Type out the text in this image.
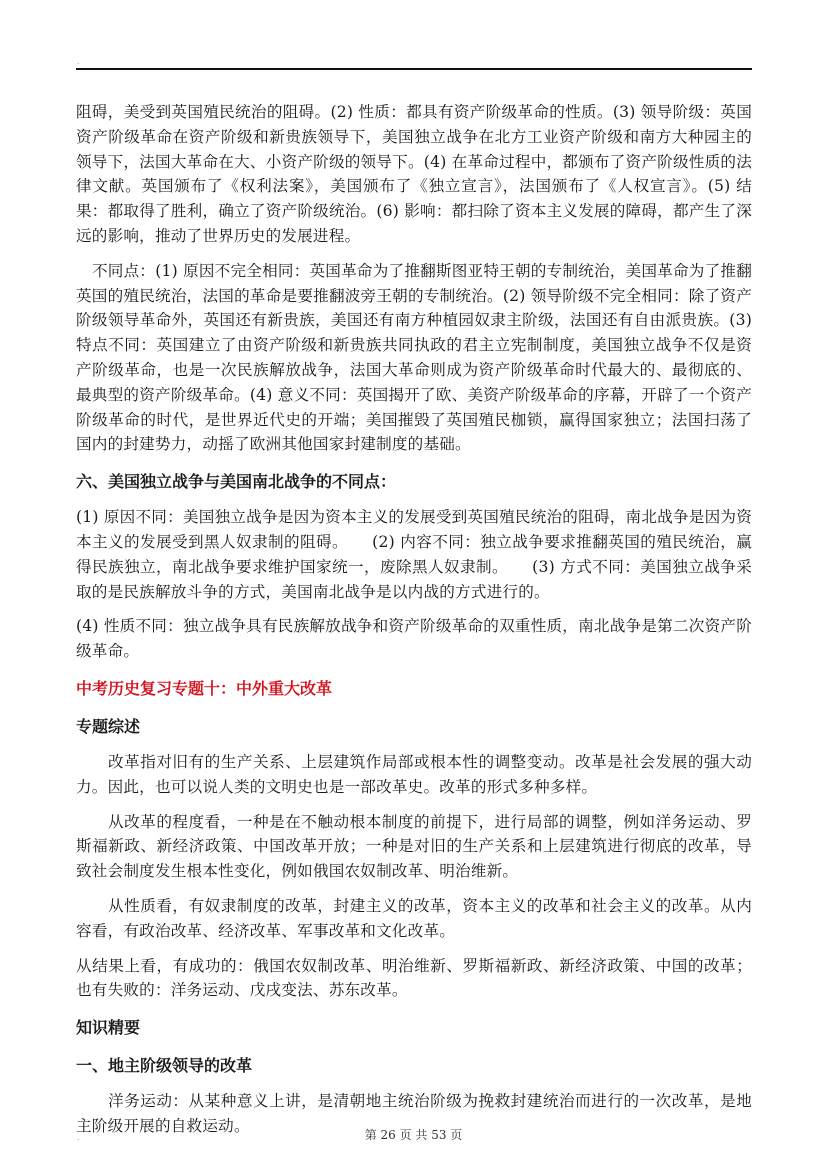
.

阻碍，美受到英国殖民统治的阻碍。(2) 性质：都具有资产阶级革命的性质。(3) 领导阶级：英国资产阶级革命在资产阶级和新贵族领导下，美国独立战争在北方工业资产阶级和南方大种园主的领导下，法国大革命在大、小资产阶级的领导下。(4) 在革命过程中，都颁布了资产阶级性质的法律文献。英国颁布了《权利法案》，美国颁布了《独立宣言》，法国颁布了《人权宣言》。(5) 结果：都取得了胜利，确立了资产阶级统治。(6) 影响：都扫除了资本主义发展的障碍，都产生了深远的影响，推动了世界历史的发展进程。

不同点：(1) 原因不完全相同：英国革命为了推翻斯图亚特王朝的专制统治，美国革命为了推翻英国的殖民统治，法国的革命是要推翻波旁王朝的专制统治。(2) 领导阶级不完全相同：除了资产阶级领导革命外，英国还有新贵族，美国还有南方种植园奴隶主阶级，法国还有自由派贵族。(3) 特点不同：英国建立了由资产阶级和新贵族共同执政的君主立宪制制度，美国独立战争不仅是资产阶级革命，也是一次民族解放战争，法国大革命则成为资产阶级革命时代最大的、最彻底的、最典型的资产阶级革命。(4) 意义不同：英国揭开了欧、美资产阶级革命的序幕，开辟了一个资产阶级革命的时代，是世界近代史的开端；美国摧毁了英国殖民枷锁，赢得国家独立；法国扫荡了国内的封建势力，动摇了欧洲其他国家封建制度的基础。

六、美国独立战争与美国南北战争的不同点：

(1) 原因不同：美国独立战争是因为资本主义的发展受到英国殖民统治的阻碍，南北战争是因为资本主义的发展受到黑人奴隶制的阻碍。　　(2) 内容不同：独立战争要求推翻英国的殖民统治，赢得民族独立，南北战争要求维护国家统一，废除黑人奴隶制。　　(3) 方式不同：美国独立战争采取的是民族解放斗争的方式，美国南北战争是以内战的方式进行的。

(4) 性质不同：独立战争具有民族解放战争和资产阶级革命的双重性质，南北战争是第二次资产阶级革命。

中考历史复习专题十：中外重大改革
专题综述

改革指对旧有的生产关系、上层建筑作局部或根本性的调整变动。改革是社会发展的强大动力。因此，也可以说人类的文明史也是一部改革史。改革的形式多种多样。

从改革的程度看，一种是在不触动根本制度的前提下，进行局部的调整，例如洋务运动、罗斯福新政、新经济政策、中国改革开放；一种是对旧的生产关系和上层建筑进行彻底的改革，导致社会制度发生根本性变化，例如俄国农奴制改革、明治维新。

从性质看，有奴隶制度的改革，封建主义的改革，资本主义的改革和社会主义的改革。从内容看，有政治改革、经济改革、军事改革和文化改革。

从结果上看，有成功的：俄国农奴制改革、明治维新、罗斯福新政、新经济政策、中国的改革；也有失败的：洋务运动、戊戌变法、苏东改革。

知识精要
一、地主阶级领导的改革

洋务运动：从某种意义上讲，是清朝地主统治阶级为挽救封建统治而进行的一次改革，是地主阶级开展的自救运动。

.	第 26 页 共 53 页
